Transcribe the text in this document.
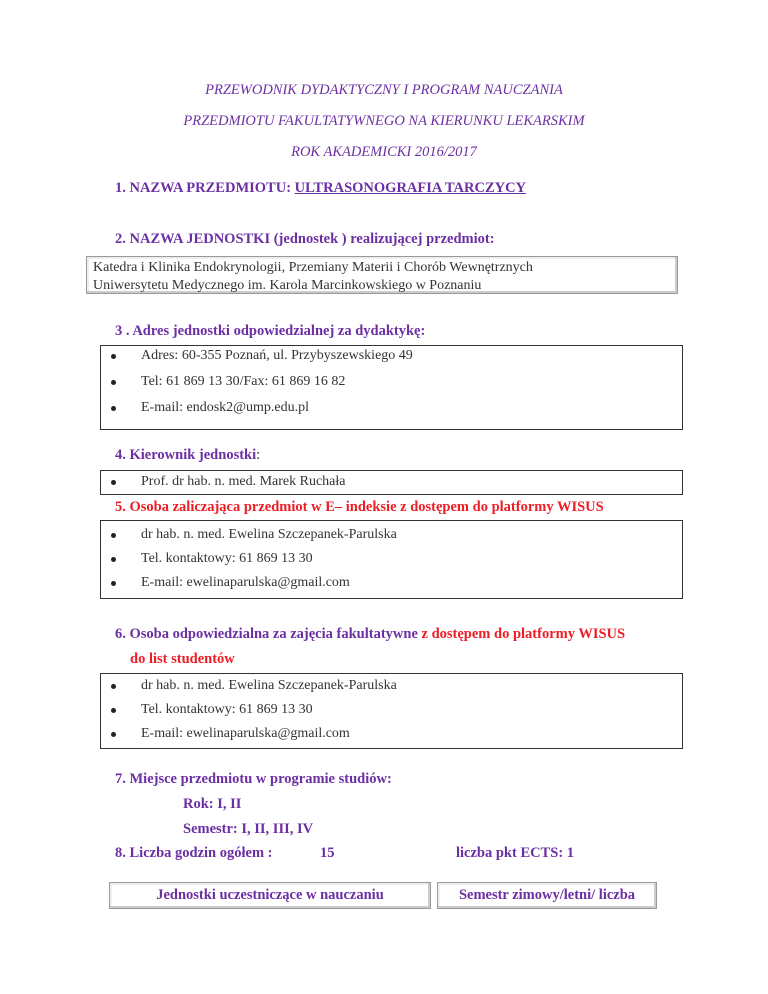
PRZEWODNIK DYDAKTYCZNY I PROGRAM NAUCZANIA
PRZEDMIOTU FAKULTATYWNEGO NA KIERUNKU LEKARSKIM
ROK AKADEMICKI 2016/2017
1. NAZWA PRZEDMIOTU: ULTRASONOGRAFIA TARCZYCY
2. NAZWA JEDNOSTKI (jednostek ) realizującej przedmiot:
Katedra i Klinika Endokrynologii, Przemiany Materii i Chorób Wewnętrznych
Uniwersytetu Medycznego im. Karola Marcinkowskiego w Poznaniu
3 . Adres jednostki odpowiedzialnej za dydaktykę:
Adres: 60-355 Poznań, ul. Przybyszewskiego 49
Tel: 61 869 13 30/Fax: 61 869 16 82
E-mail: endosk2@ump.edu.pl
4. Kierownik jednostki:
Prof. dr hab. n. med. Marek Ruchała
5. Osoba zaliczająca przedmiot w E– indeksie z dostępem do platformy WISUS
dr hab. n. med. Ewelina Szczepanek-Parulska
Tel. kontaktowy: 61 869 13 30
E-mail: ewelinaparulska@gmail.com
6. Osoba odpowiedzialna za zajęcia fakultatywne z dostępem do platformy WISUS
do list studentów
dr hab. n. med. Ewelina Szczepanek-Parulska
Tel. kontaktowy: 61 869 13 30
E-mail: ewelinaparulska@gmail.com
7. Miejsce przedmiotu w programie studiów:
Rok: I, II
Semestr: I, II, III, IV
8. Liczba godzin ogółem :	15	liczba pkt ECTS: 1
Jednostki uczestniczące w nauczaniu	Semestr zimowy/letni/ liczba
